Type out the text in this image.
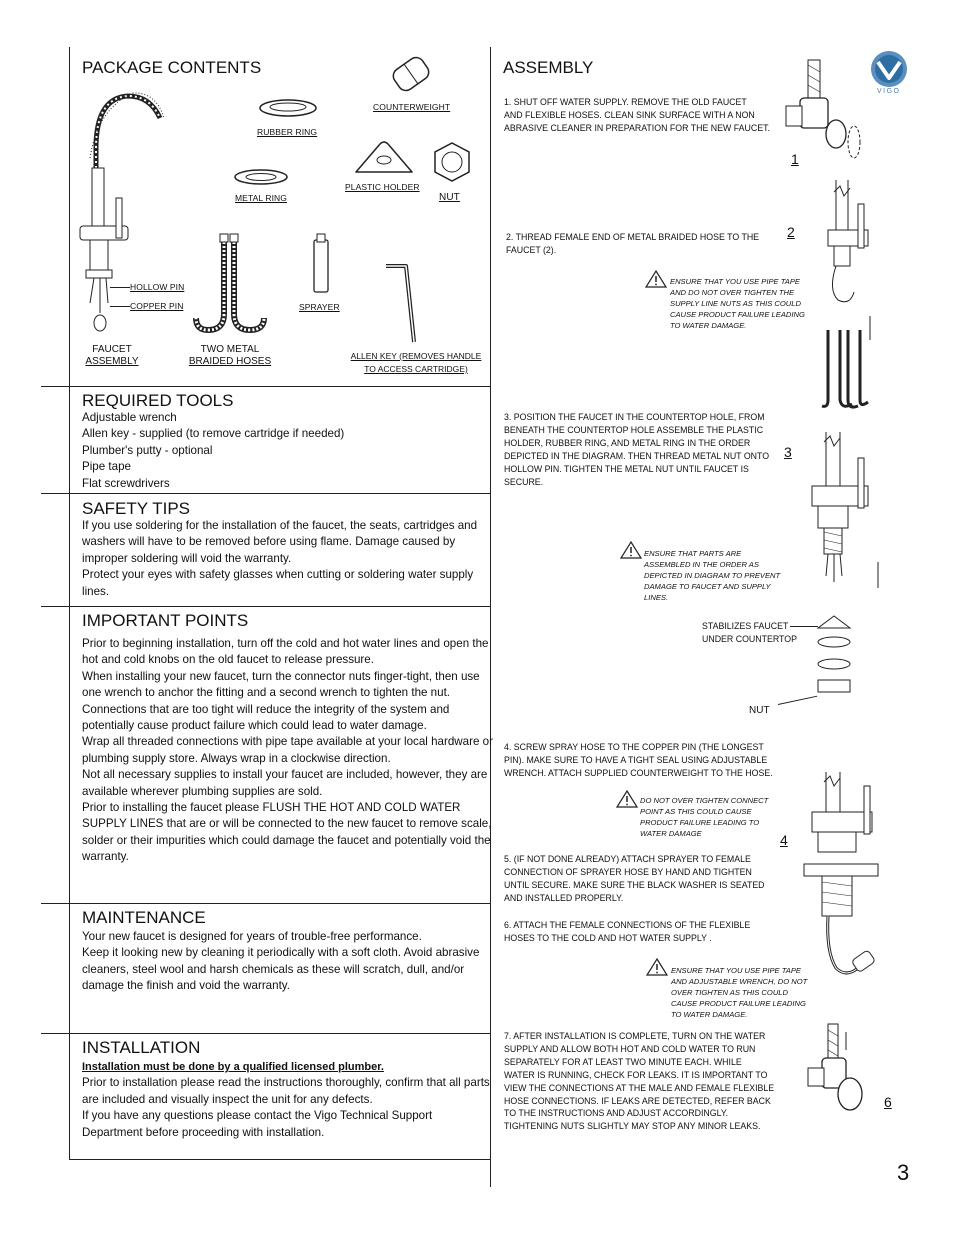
PACKAGE CONTENTS
HOLLOW PIN
COPPER PIN
FAUCET
ASSEMBLY
RUBBER RING
COUNTERWEIGHT
PLASTIC HOLDER
NUT
METAL RING
TWO METAL
BRAIDED HOSES
SPRAYER
ALLEN KEY (REMOVES HANDLE
TO ACCESS CARTRIDGE)
REQUIRED TOOLS
Adjustable wrench
Allen key - supplied (to remove cartridge if needed)
Plumber's putty - optional
Pipe tape
Flat screwdrivers
SAFETY TIPS
If you use soldering for the installation of the faucet, the seats, cartridges and
washers will have to be removed before using flame. Damage caused by
improper soldering will void the warranty.
Protect your eyes with safety glasses when cutting or soldering water supply
lines.
IMPORTANT POINTS
Prior to beginning installation, turn off the cold and hot water lines and open the
hot and cold knobs on the old faucet to release pressure.
When installing your new faucet, turn the connector nuts finger-tight, then use
one wrench to anchor the fitting and a second wrench to tighten the nut.
Connections that are too tight will reduce the integrity of the system and
potentially cause product failure which could lead to water damage.
Wrap all threaded connections with pipe tape available at your local hardware or
plumbing supply store. Always wrap in a clockwise direction.
Not all necessary supplies to install your faucet are included, however, they are
available wherever plumbing supplies are sold.
Prior to installing the faucet please FLUSH THE HOT AND COLD WATER
SUPPLY LINES that are or will be connected to the new faucet to remove scale,
solder or their impurities which could damage the faucet and potentially void the
warranty.
MAINTENANCE
Your new faucet is designed for years of trouble-free performance.
Keep it looking new by cleaning it periodically with a soft cloth. Avoid abrasive
cleaners, steel wool and harsh chemicals as these will scratch, dull, and/or
damage the finish and void the warranty.
INSTALLATION
Installation must be done by a qualified licensed plumber.
Prior to installation please read the instructions thoroughly, confirm that all parts
are included and visually inspect the unit for any defects.
If you have any questions please contact the Vigo Technical Support
Department before proceeding with installation.
ASSEMBLY
VIGO
1. SHUT OFF WATER SUPPLY. REMOVE THE OLD FAUCET
AND FLEXIBLE HOSES. CLEAN SINK SURFACE WITH A NON
ABRASIVE CLEANER IN PREPARATION FOR THE NEW FAUCET.
1
2. THREAD FEMALE END OF METAL BRAIDED HOSE TO THE
FAUCET (2).
2
ENSURE THAT YOU USE PIPE TAPE
AND DO NOT OVER TIGHTEN THE
SUPPLY LINE NUTS AS THIS COULD
CAUSE PRODUCT FAILURE LEADING
TO WATER DAMAGE.
3. POSITION THE FAUCET IN THE COUNTERTOP HOLE, FROM
BENEATH THE COUNTERTOP HOLE ASSEMBLE THE PLASTIC
HOLDER, RUBBER RING, AND METAL RING IN THE ORDER
DEPICTED IN THE DIAGRAM. THEN THREAD METAL NUT ONTO
HOLLOW PIN. TIGHTEN THE METAL NUT UNTIL FAUCET IS
SECURE.
3
ENSURE THAT PARTS ARE
ASSEMBLED IN THE ORDER AS
DEPICTED IN DIAGRAM TO PREVENT
DAMAGE TO FAUCET AND SUPPLY
LINES.
STABILIZES FAUCET
UNDER COUNTERTOP
NUT
4. SCREW SPRAY HOSE TO THE COPPER PIN (THE LONGEST
PIN). MAKE SURE TO HAVE A TIGHT SEAL USING ADJUSTABLE
WRENCH. ATTACH SUPPLIED COUNTERWEIGHT TO THE HOSE.
DO NOT OVER TIGHTEN CONNECT
POINT AS THIS COULD CAUSE
PRODUCT FAILURE LEADING TO
WATER DAMAGE	4
5. (IF NOT DONE ALREADY) ATTACH SPRAYER TO FEMALE
CONNECTION OF SPRAYER HOSE BY HAND AND TIGHTEN
UNTIL SECURE. MAKE SURE THE BLACK WASHER IS SEATED
AND INSTALLED PROPERLY.
6. ATTACH THE FEMALE CONNECTIONS OF THE FLEXIBLE
HOSES TO THE COLD AND HOT WATER SUPPLY .
ENSURE THAT YOU USE PIPE TAPE
AND ADJUSTABLE WRENCH, DO NOT
OVER TIGHTEN AS THIS COULD
CAUSE PRODUCT FAILURE LEADING
TO WATER DAMAGE.
7. AFTER INSTALLATION IS COMPLETE, TURN ON THE WATER
SUPPLY AND ALLOW BOTH HOT AND COLD WATER TO RUN
SEPARATELY FOR AT LEAST TWO MINUTE EACH. WHILE
WATER IS RUNNING, CHECK FOR LEAKS. IT IS IMPORTANT TO
VIEW THE CONNECTIONS AT THE MALE AND FEMALE FLEXIBLE
HOSE CONNECTIONS. IF LEAKS ARE DETECTED, REFER BACK
TO THE INSTRUCTIONS AND ADJUST ACCORDINGLY.
TIGHTENING NUTS SLIGHTLY MAY STOP ANY MINOR LEAKS.
6
3
